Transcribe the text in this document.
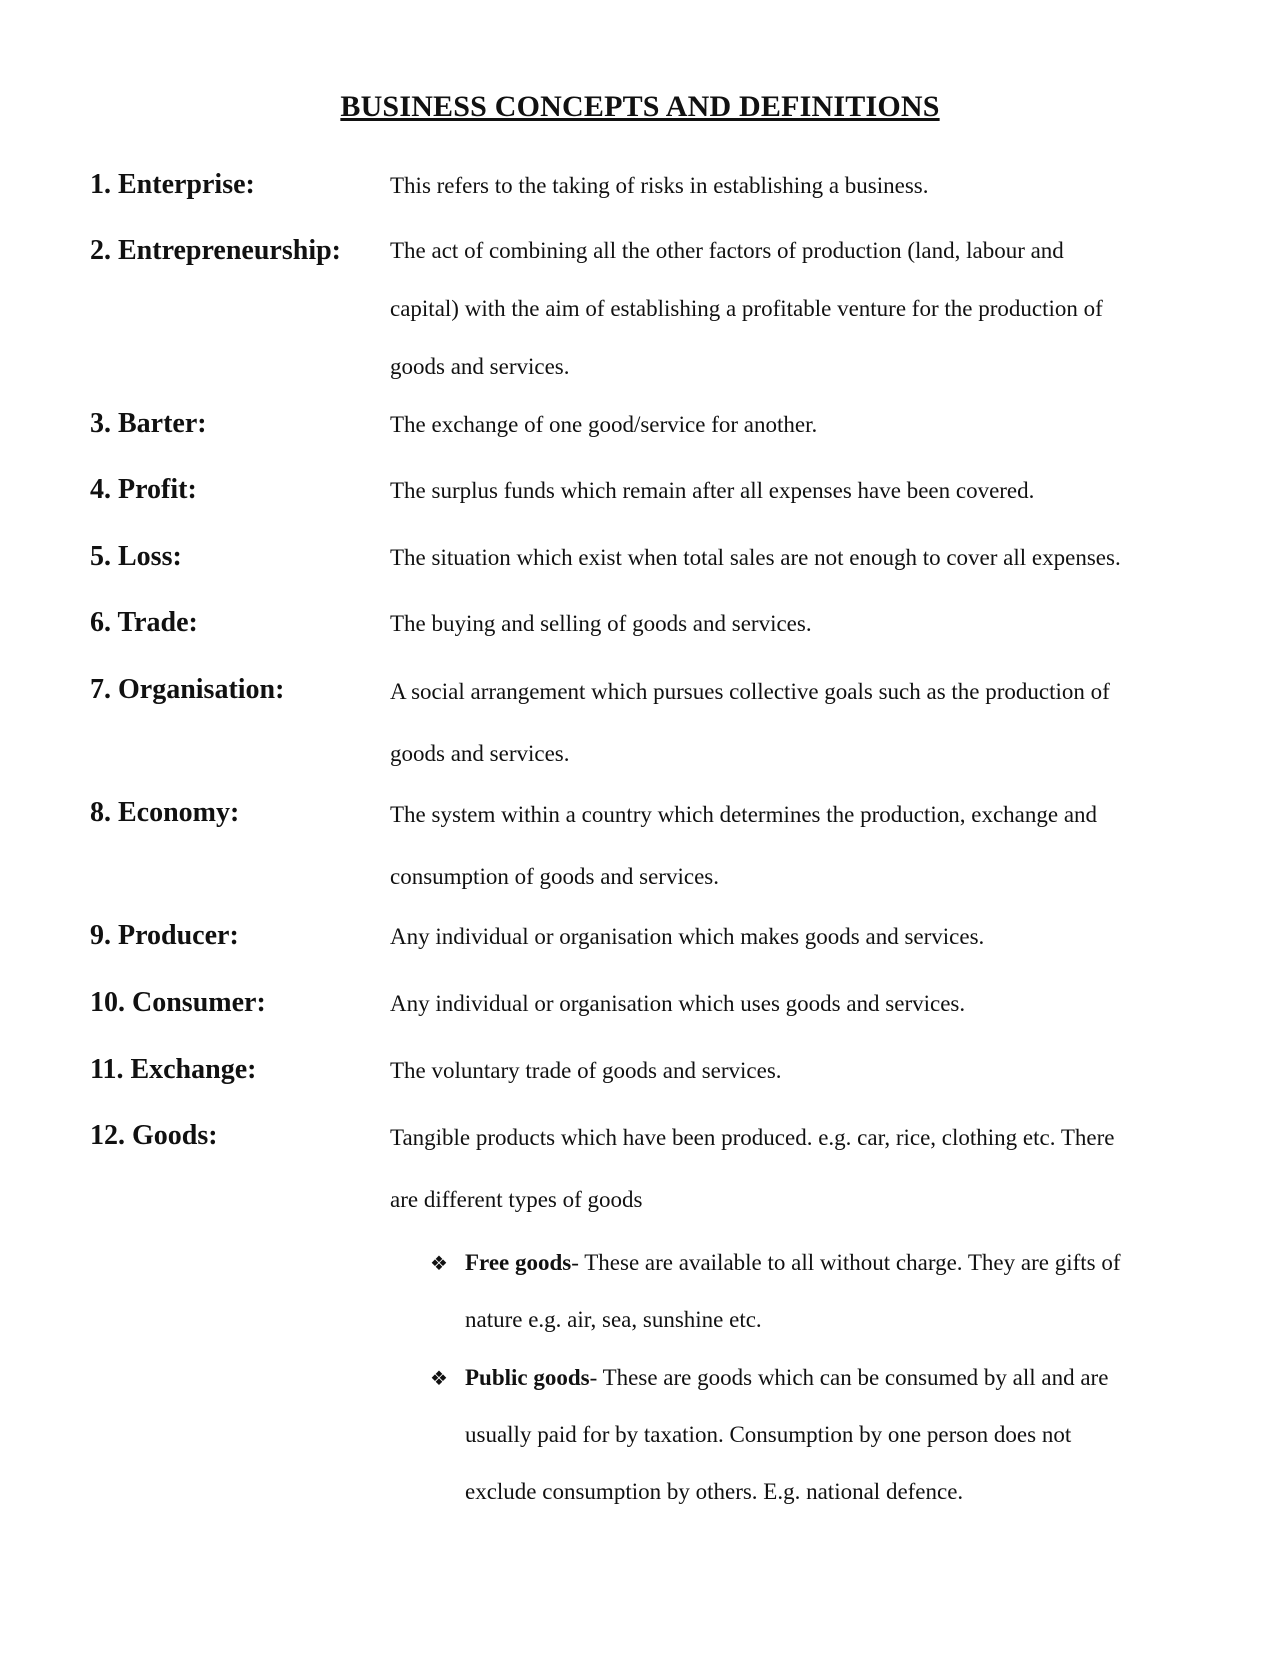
BUSINESS CONCEPTS AND DEFINITIONS
1. Enterprise:	This refers to the taking of risks in establishing a business.
2. Entrepreneurship: The act of combining all the other factors of production (land, labour and
capital) with the aim of establishing a profitable venture for the production of
goods and services.
3. Barter:	The exchange of one good/service for another.
4. Profit:	The surplus funds which remain after all expenses have been covered.
5. Loss:	The situation which exist when total sales are not enough to cover all expenses.
6. Trade:	The buying and selling of goods and services.
7. Organisation:	A social arrangement which pursues collective goals such as the production of
goods and services.
8. Economy:	The system within a country which determines the production, exchange and
consumption of goods and services.
9. Producer:	Any individual or organisation which makes goods and services.
10. Consumer:	Any individual or organisation which uses goods and services.
11. Exchange:	The voluntary trade of goods and services.
12. Goods:	Tangible products which have been produced. e.g. car, rice, clothing etc. There
are different types of goods
❖ Free goods- These are available to all without charge. They are gifts of
nature e.g. air, sea, sunshine etc.
❖ Public goods- These are goods which can be consumed by all and are
usually paid for by taxation. Consumption by one person does not
exclude consumption by others. E.g. national defence.
